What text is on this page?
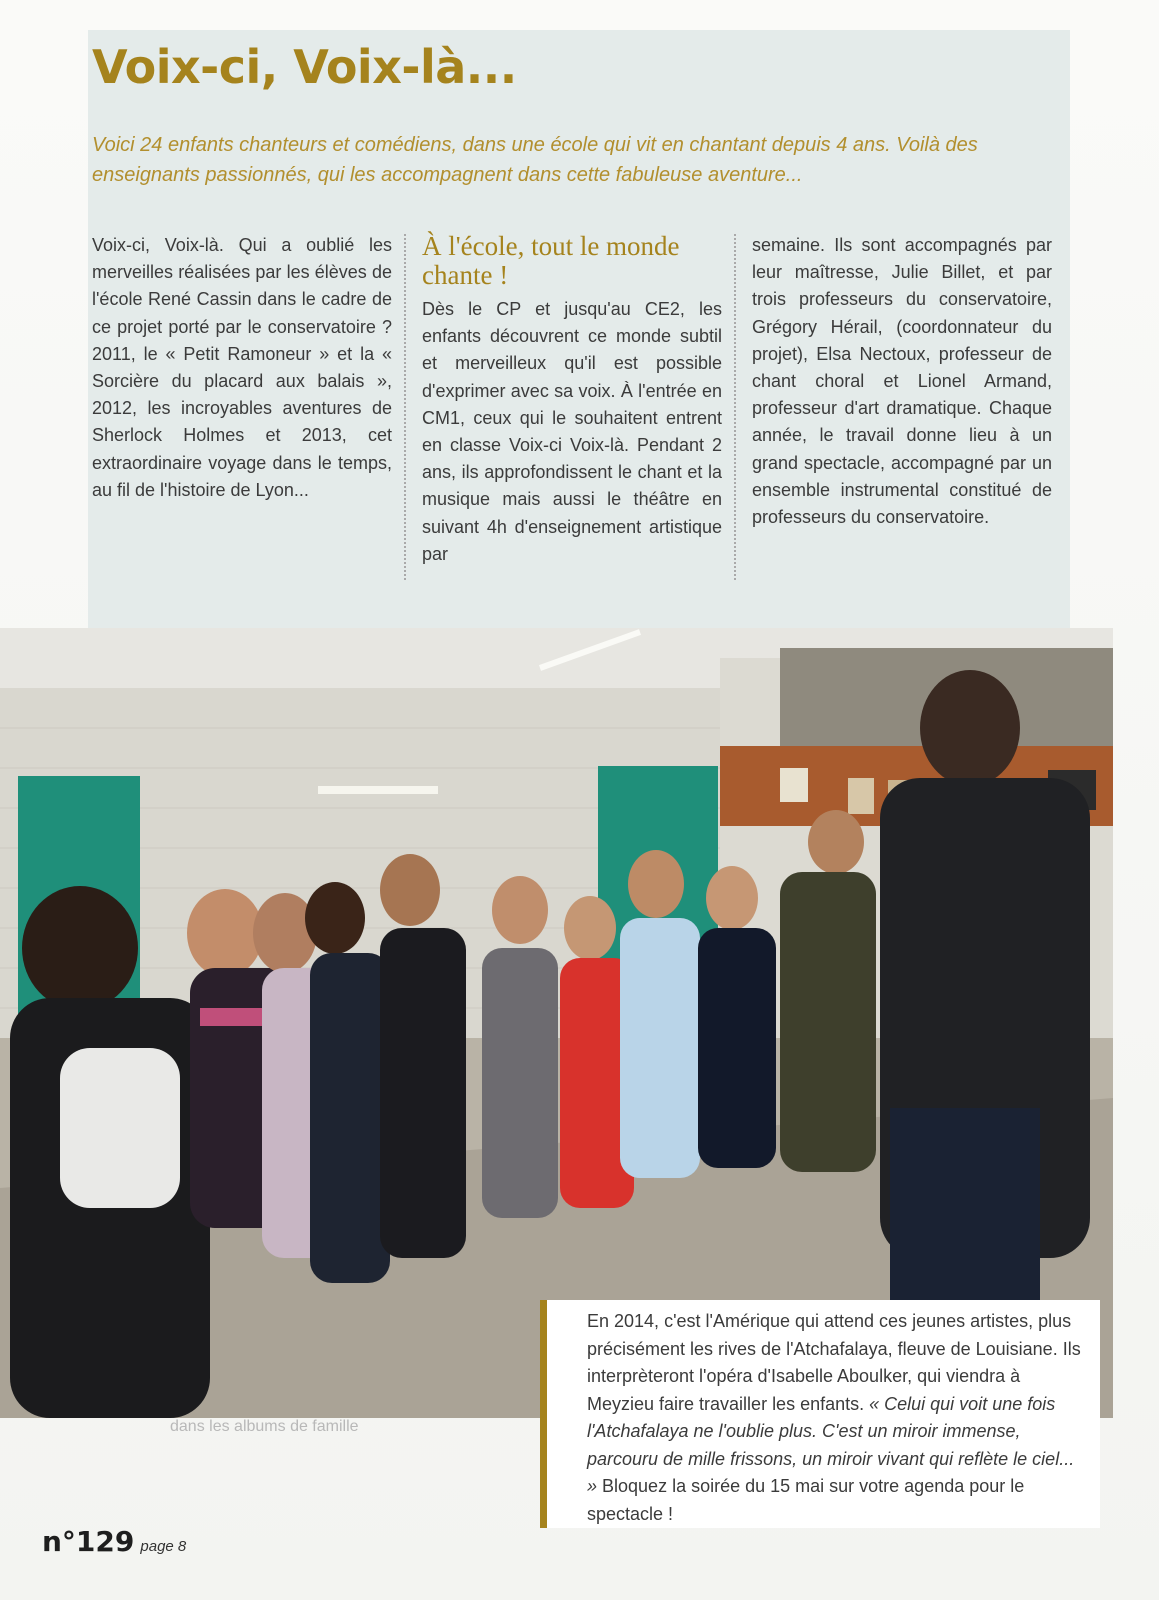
Voix-ci, Voix-là...

Voici 24 enfants chanteurs et comédiens, dans une école qui vit en chantant depuis 4 ans. Voilà des enseignants passionnés, qui les accompagnent dans cette fabuleuse aventure...

Voix-ci, Voix-là. Qui a oublié les merveilles réalisées par les élèves de l'école René Cassin dans le cadre de ce projet porté par le conservatoire ? 2011, le « Petit Ramoneur » et la « Sorcière du placard aux balais », 2012, les incroyables aventures de Sherlock Holmes et 2013, cet extraordinaire voyage dans le temps, au fil de l'histoire de Lyon...

À l'école, tout le monde chante !

Dès le CP et jusqu'au CE2, les enfants découvrent ce monde subtil et merveilleux qu'il est possible d'exprimer avec sa voix. À l'entrée en CM1, ceux qui le souhaitent entrent en classe Voix-ci Voix-là. Pendant 2 ans, ils approfondissent le chant et la musique mais aussi le théâtre en suivant 4h d'enseignement artistique par

semaine. Ils sont accompagnés par leur maîtresse, Julie Billet, et par trois professeurs du conservatoire, Grégory Hérail, (coordonnateur du projet), Elsa Nectoux, professeur de chant choral et Lionel Armand, professeur d'art dramatique. Chaque année, le travail donne lieu à un grand spectacle, accompagné par un ensemble instrumental constitué de professeurs du conservatoire.

dans les albums de famille

En 2014, c'est l'Amérique qui attend ces jeunes artistes, plus précisément les rives de l'Atchafalaya, fleuve de Louisiane. Ils interprèteront l'opéra d'Isabelle Aboulker, qui viendra à Meyzieu faire travailler les enfants. « Celui qui voit une fois l'Atchafalaya ne l'oublie plus. C'est un miroir immense, parcouru de mille frissons, un miroir vivant qui reflète le ciel... » Bloquez la soirée du 15 mai sur votre agenda pour le spectacle !

n°129 page 8
